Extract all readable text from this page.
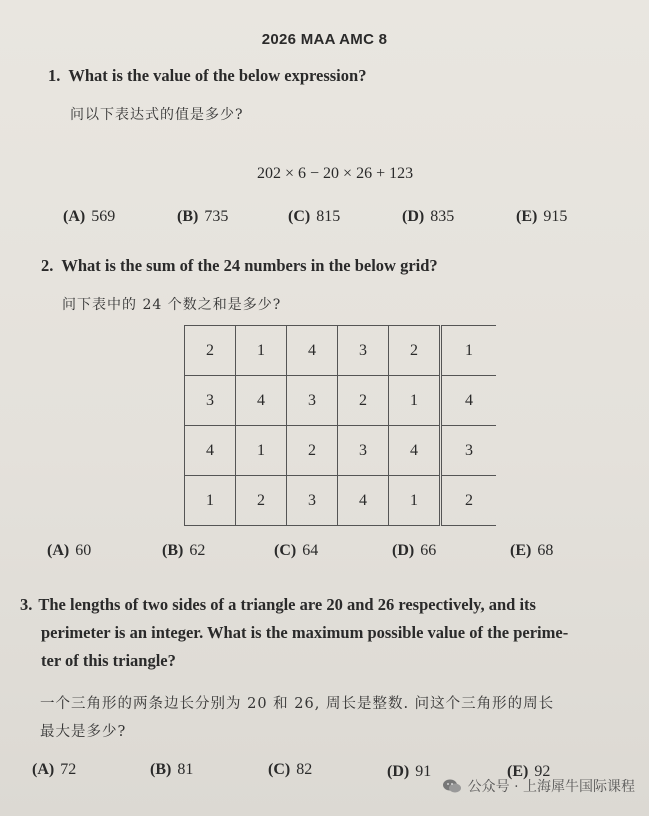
2026 MAA AMC 8
1. What is the value of the below expression?
问以下表达式的值是多少?
202 × 6 − 20 × 26 + 123
(A) 569	(B) 735	(C) 815	(D) 835	(E) 915
2. What is the sum of the 24 numbers in the below grid?
问下表中的 24 个数之和是多少?
2	1	4	3	2	1
3	4	3	2	1	4
4	1	2	3	4	3
1	2	3	4	1	2
(A) 60	(B) 62	(C) 64	(D) 66	(E) 68
3. The lengths of two sides of a triangle are 20 and 26 respectively, and its
perimeter is an integer. What is the maximum possible value of the perime-
ter of this triangle?
一个三角形的两条边长分别为 20 和 26, 周长是整数. 问这个三角形的周长
最大是多少?
(A) 72	(B) 81	(C) 82	(D) 91	(E) 92
公众号 · 上海犀牛国际课程
